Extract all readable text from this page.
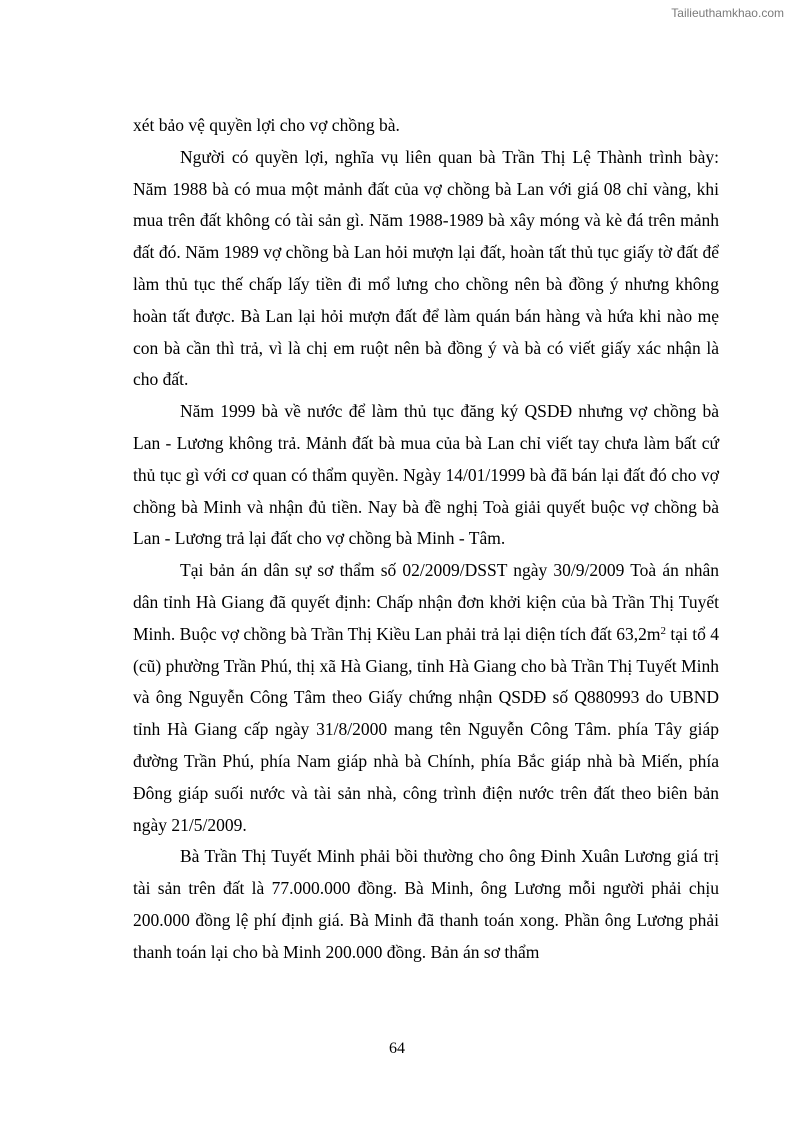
Tailieuthamkhao.com

xét bảo vệ quyền lợi cho vợ chồng bà.

Người có quyền lợi, nghĩa vụ liên quan bà Trần Thị Lệ Thành trình bày: Năm 1988 bà có mua một mảnh đất của vợ chồng bà Lan với giá 08 chỉ vàng, khi mua trên đất không có tài sản gì. Năm 1988-1989 bà xây móng và kè đá trên mảnh đất đó. Năm 1989 vợ chồng bà Lan hỏi mượn lại đất, hoàn tất thủ tục giấy tờ đất để làm thủ tục thế chấp lấy tiền đi mổ lưng cho chồng nên bà đồng ý nhưng không hoàn tất được. Bà Lan lại hỏi mượn đất để làm quán bán hàng và hứa khi nào mẹ con bà cần thì trả, vì là chị em ruột nên bà đồng ý và bà có viết giấy xác nhận là cho đất.

Năm 1999 bà về nước để làm thủ tục đăng ký QSDĐ nhưng vợ chồng bà Lan - Lương không trả. Mảnh đất bà mua của bà Lan chỉ viết tay chưa làm bất cứ thủ tục gì với cơ quan có thẩm quyền. Ngày 14/01/1999 bà đã bán lại đất đó cho vợ chồng bà Minh và nhận đủ tiền. Nay bà đề nghị Toà giải quyết buộc vợ chồng bà Lan - Lương trả lại đất cho vợ chồng bà Minh - Tâm.

Tại bản án dân sự sơ thẩm số 02/2009/DSST ngày 30/9/2009 Toà án nhân dân tỉnh Hà Giang đã quyết định: Chấp nhận đơn khởi kiện của bà Trần Thị Tuyết Minh. Buộc vợ chồng bà Trần Thị Kiều Lan phải trả lại diện tích đất $63,2m^2$ tại tổ 4 (cũ) phường Trần Phú, thị xã Hà Giang, tỉnh Hà Giang cho bà Trần Thị Tuyết Minh và ông Nguyễn Công Tâm theo Giấy chứng nhận QSDĐ số Q880993 do UBND tỉnh Hà Giang cấp ngày 31/8/2000 mang tên Nguyễn Công Tâm. phía Tây giáp đường Trần Phú, phía Nam giáp nhà bà Chính, phía Bắc giáp nhà bà Miến, phía Đông giáp suối nước và tài sản nhà, công trình điện nước trên đất theo biên bản ngày 21/5/2009.

Bà Trần Thị Tuyết Minh phải bồi thường cho ông Đinh Xuân Lương giá trị tài sản trên đất là 77.000.000 đồng. Bà Minh, ông Lương mỗi người phải chịu 200.000 đồng lệ phí định giá. Bà Minh đã thanh toán xong. Phần ông Lương phải thanh toán lại cho bà Minh 200.000 đồng. Bản án sơ thẩm

64
